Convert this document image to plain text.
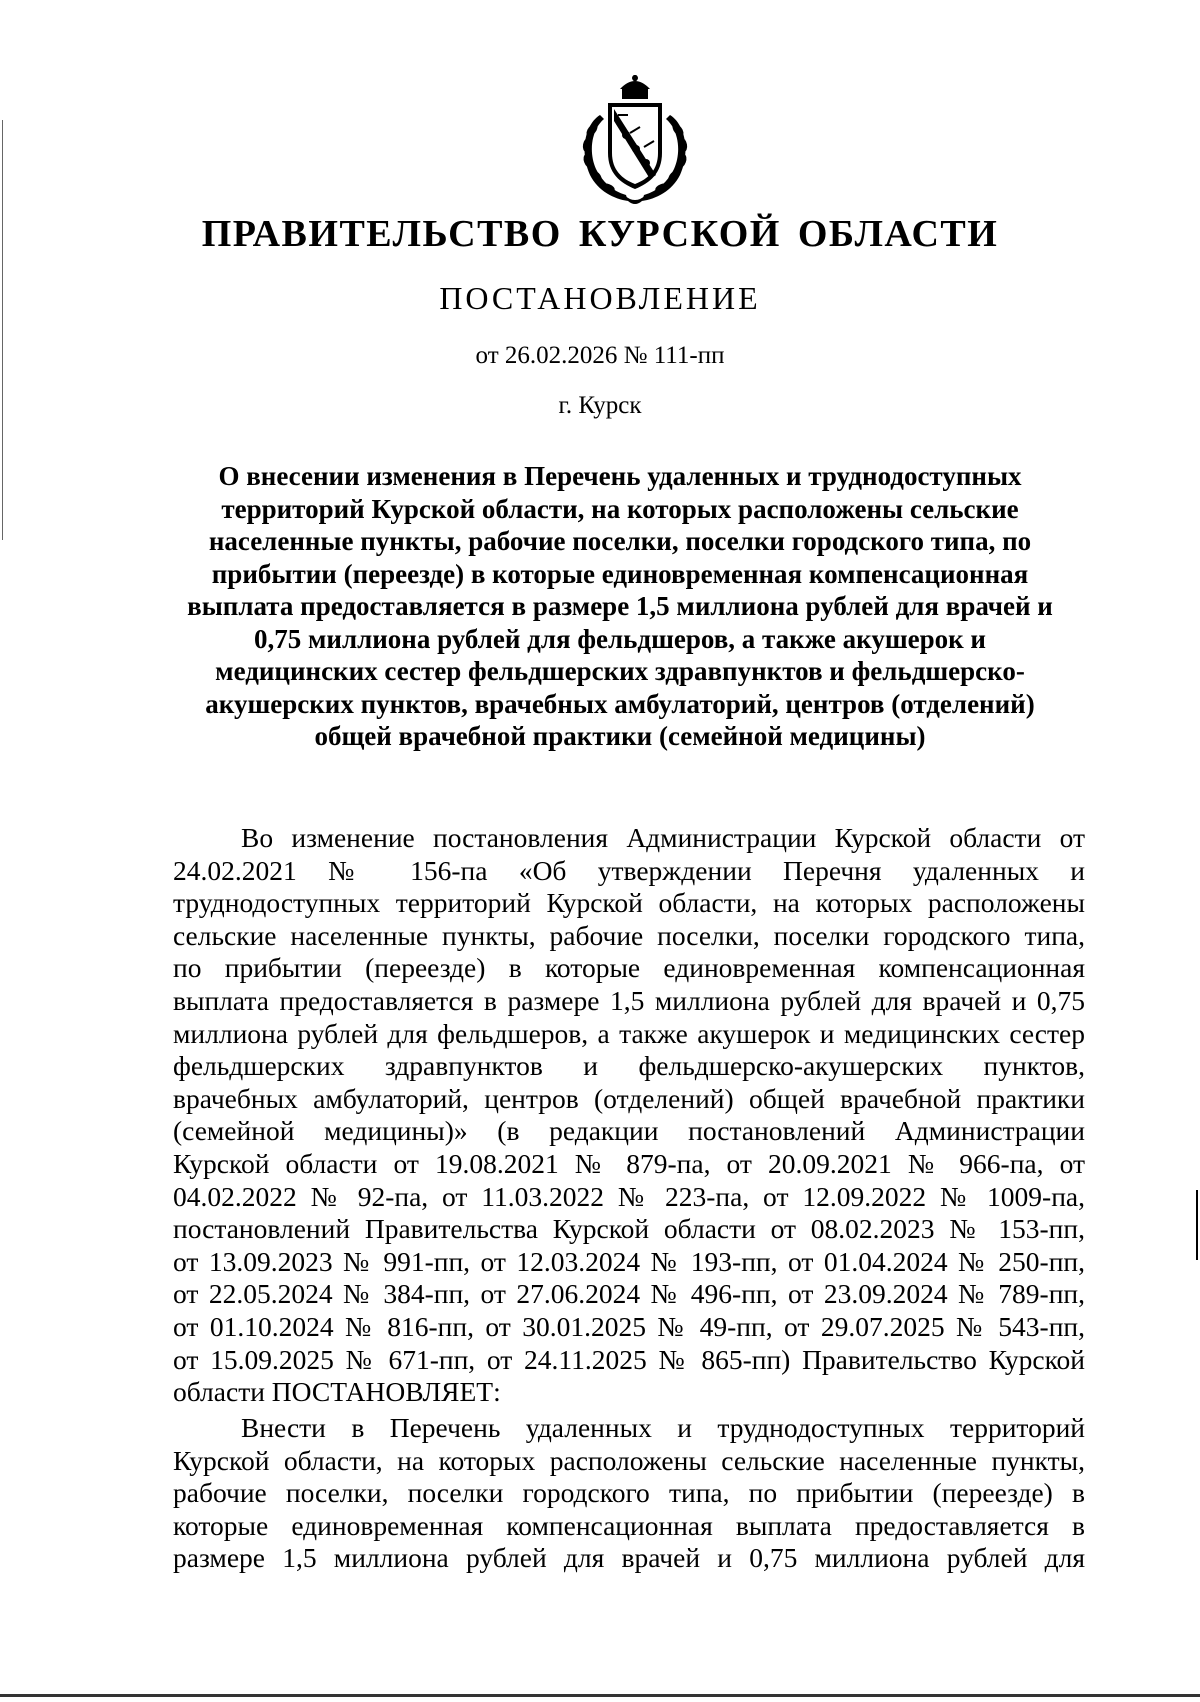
ПРАВИТЕЛЬСТВО КУРСКОЙ ОБЛАСТИ
ПОСТАНОВЛЕНИЕ
от 26.02.2026 № 111-пп
г. Курск
О внесении изменения в Перечень удаленных и труднодоступных
территорий Курской области, на которых расположены сельские
населенные пункты, рабочие поселки, поселки городского типа, по
прибытии (переезде) в которые единовременная компенсационная
выплата предоставляется в размере 1,5 миллиона рублей для врачей и
0,75 миллиона рублей для фельдшеров, а также акушерок и
медицинских сестер фельдшерских здравпунктов и фельдшерско-
акушерских пунктов, врачебных амбулаторий, центров (отделений)
общей врачебной практики (семейной медицины)
Во изменение постановления Администрации Курской области от
24.02.2021 № 156-па «Об утверждении Перечня удаленных и
труднодоступных территорий Курской области, на которых расположены
сельские населенные пункты, рабочие поселки, поселки городского типа,
по прибытии (переезде) в которые единовременная компенсационная
выплата предоставляется в размере 1,5 миллиона рублей для врачей и 0,75
миллиона рублей для фельдшеров, а также акушерок и медицинских сестер
фельдшерских здравпунктов и фельдшерско-акушерских пунктов,
врачебных амбулаторий, центров (отделений) общей врачебной практики
(семейной медицины)» (в редакции постановлений Администрации
Курской области от 19.08.2021 № 879-па, от 20.09.2021 № 966-па, от
04.02.2022 № 92-па, от 11.03.2022 № 223-па, от 12.09.2022 № 1009-па,
постановлений Правительства Курской области от 08.02.2023 № 153-пп,
от 13.09.2023 № 991-пп, от 12.03.2024 № 193-пп, от 01.04.2024 № 250-пп,
от 22.05.2024 № 384-пп, от 27.06.2024 № 496-пп, от 23.09.2024 № 789-пп,
от 01.10.2024 № 816-пп, от 30.01.2025 № 49-пп, от 29.07.2025 № 543-пп,
от 15.09.2025 № 671-пп, от 24.11.2025 № 865-пп) Правительство Курской
области ПОСТАНОВЛЯЕТ:
Внести в Перечень удаленных и труднодоступных территорий
Курской области, на которых расположены сельские населенные пункты,
рабочие поселки, поселки городского типа, по прибытии (переезде) в
которые единовременная компенсационная выплата предоставляется в
размере 1,5 миллиона рублей для врачей и 0,75 миллиона рублей для
